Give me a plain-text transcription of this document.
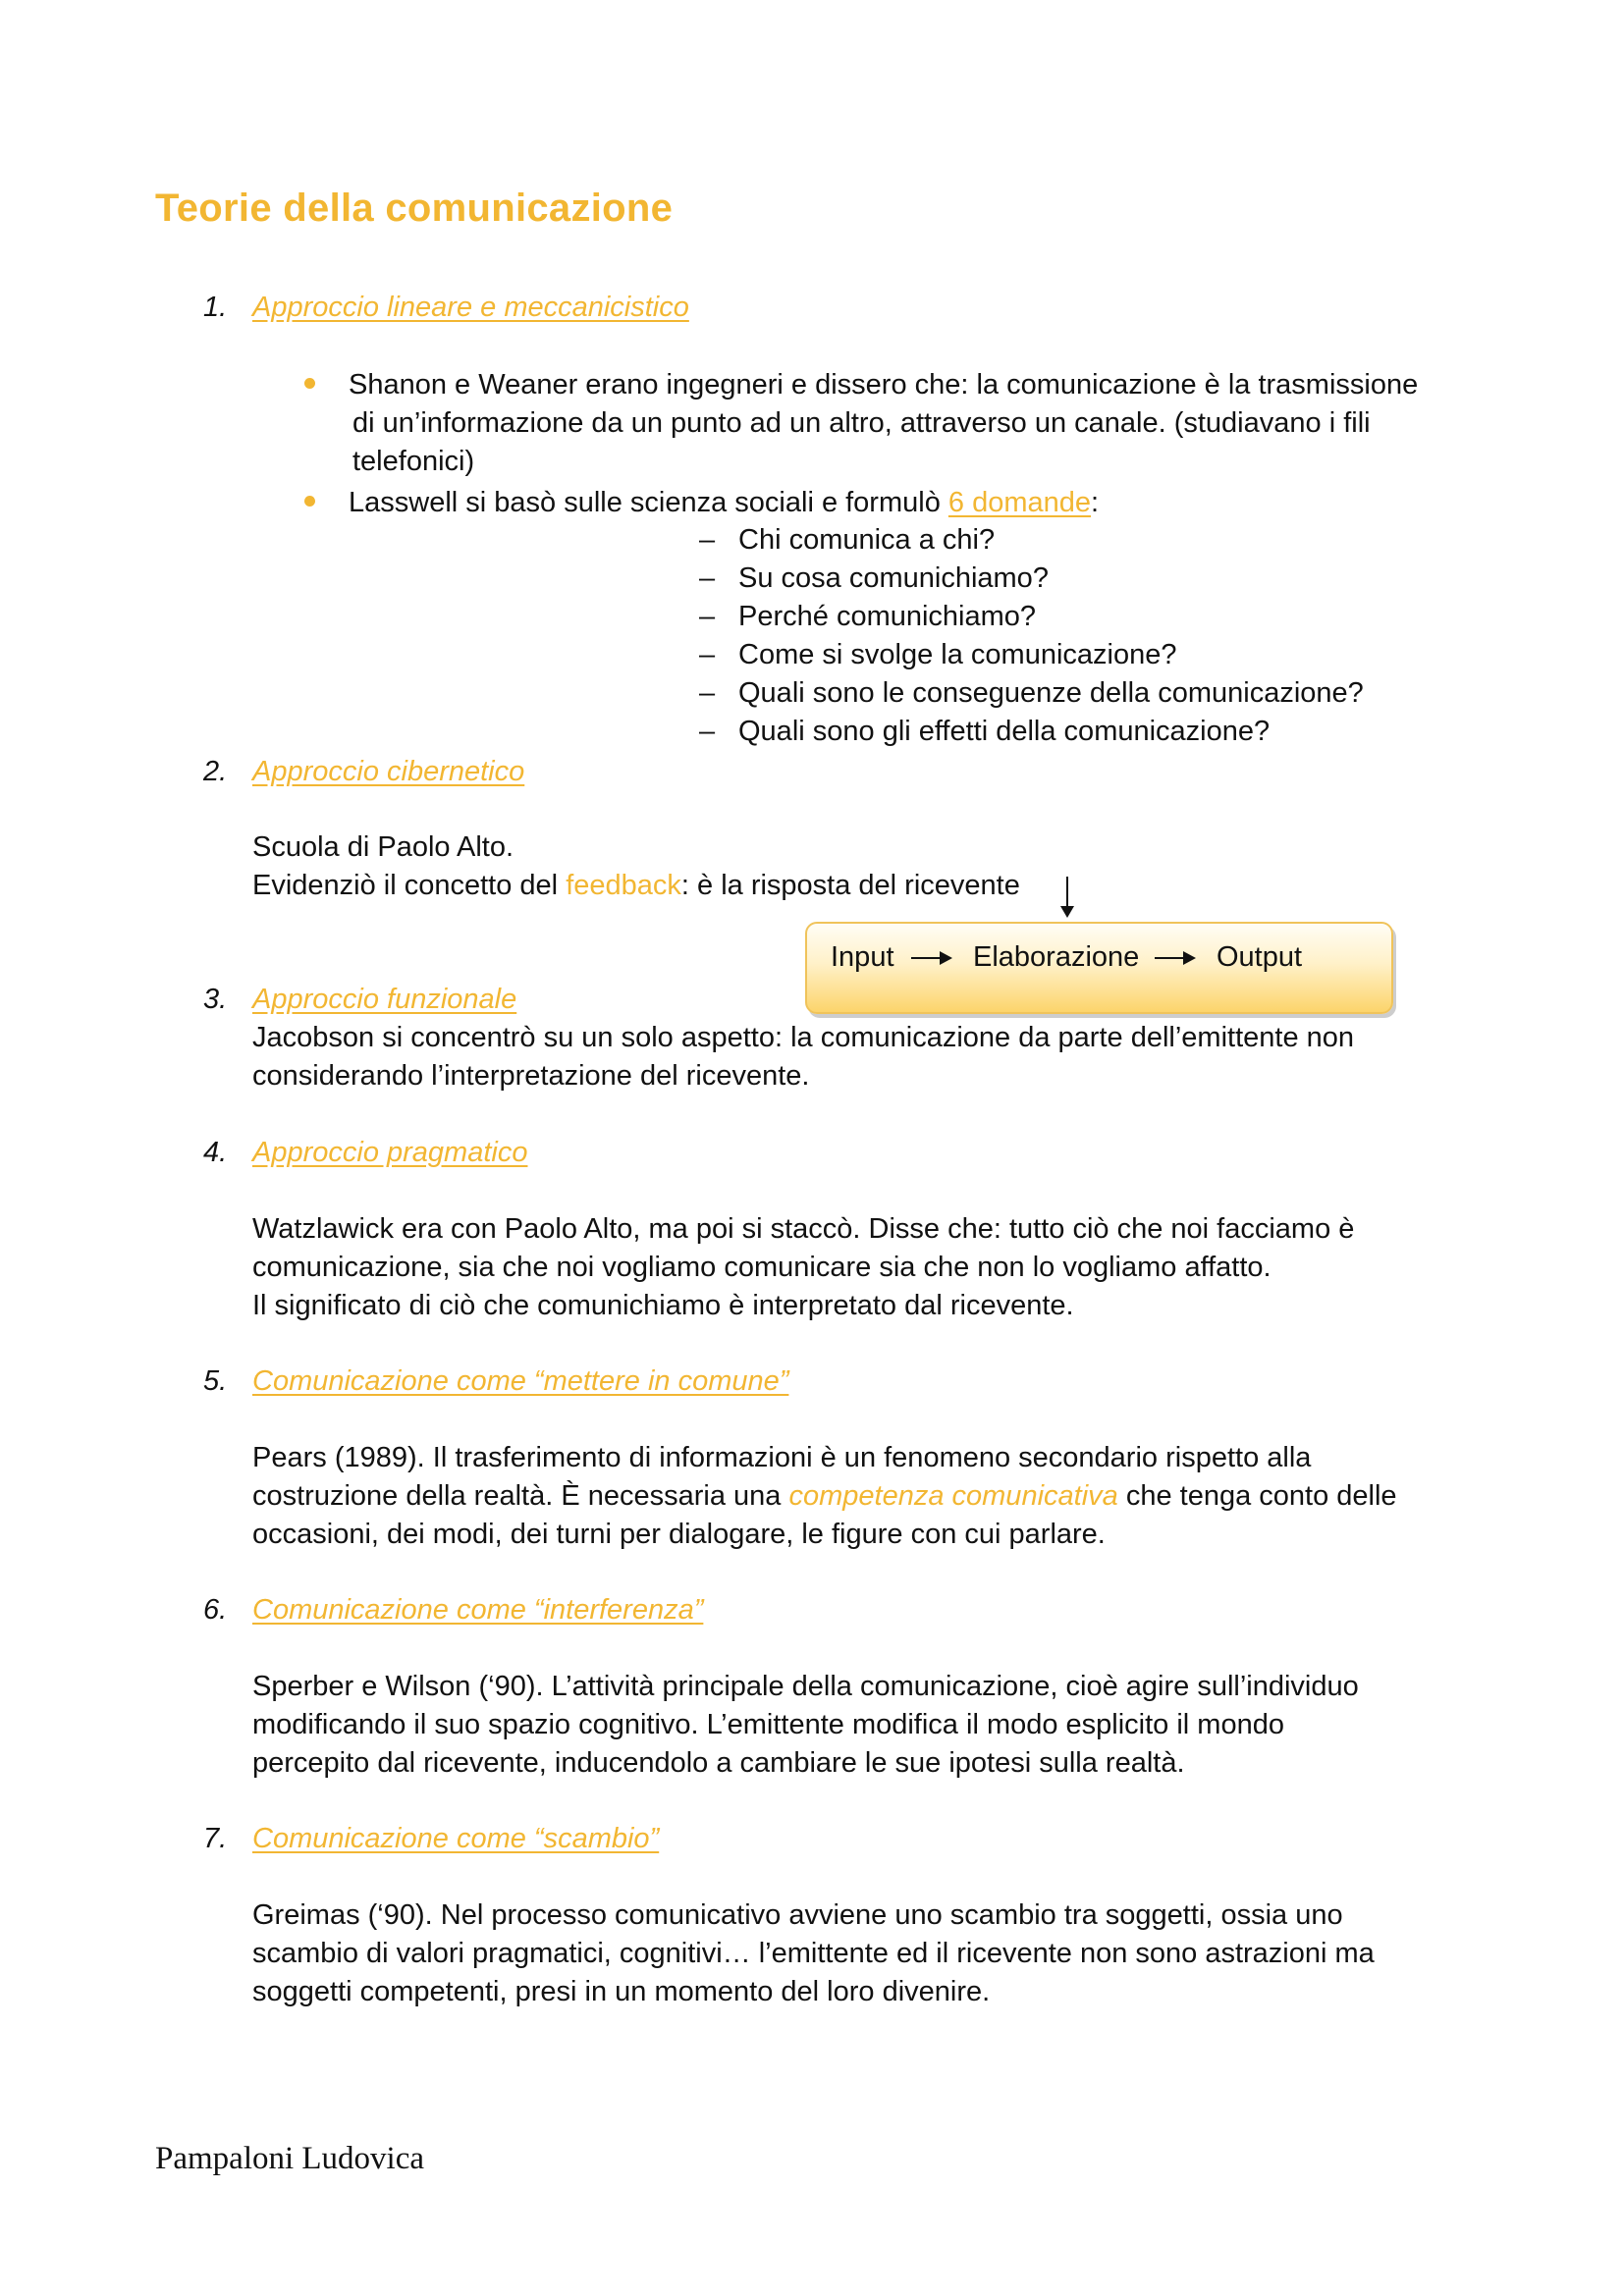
Teorie della comunicazione
1. Approccio lineare e meccanicistico

Shanon e Weaner erano ingegneri e dissero che: la comunicazione è la trasmissione

di un’informazione da un punto ad un altro, attraverso un canale. (studiavano i fili

telefonici)

Lasswell si basò sulle scienza sociali e formulò 6 domande:

– Chi comunica a chi?
– Su cosa comunichiamo?
– Perché comunichiamo?
– Come si svolge la comunicazione?
– Quali sono le conseguenze della comunicazione?
– Quali sono gli effetti della comunicazione?
2. Approccio cibernetico

Scuola di Paolo Alto.

Evidenziò il concetto del feedback: è la risposta del ricevente

Input	Elaborazione	Output
3. Approccio funzionale

Jacobson si concentrò su un solo aspetto: la comunicazione da parte dell’emittente non

considerando l’interpretazione del ricevente.

4. Approccio pragmatico

Watzlawick era con Paolo Alto, ma poi si staccò. Disse che: tutto ciò che noi facciamo è

comunicazione, sia che noi vogliamo comunicare sia che non lo vogliamo affatto.

Il significato di ciò che comunichiamo è interpretato dal ricevente.

5. Comunicazione come “mettere in comune”

Pears (1989). Il trasferimento di informazioni è un fenomeno secondario rispetto alla

costruzione della realtà. È necessaria una competenza comunicativa che tenga conto delle

occasioni, dei modi, dei turni per dialogare, le figure con cui parlare.

6. Comunicazione come “interferenza”

Sperber e Wilson (‘90). L’attività principale della comunicazione, cioè agire sull’individuo

modificando il suo spazio cognitivo. L’emittente modifica il modo esplicito il mondo

percepito dal ricevente, inducendolo a cambiare le sue ipotesi sulla realtà.

7. Comunicazione come “scambio”

Greimas (‘90). Nel processo comunicativo avviene uno scambio tra soggetti, ossia uno

scambio di valori pragmatici, cognitivi… l’emittente ed il ricevente non sono astrazioni ma

soggetti competenti, presi in un momento del loro divenire.

Pampaloni Ludovica
